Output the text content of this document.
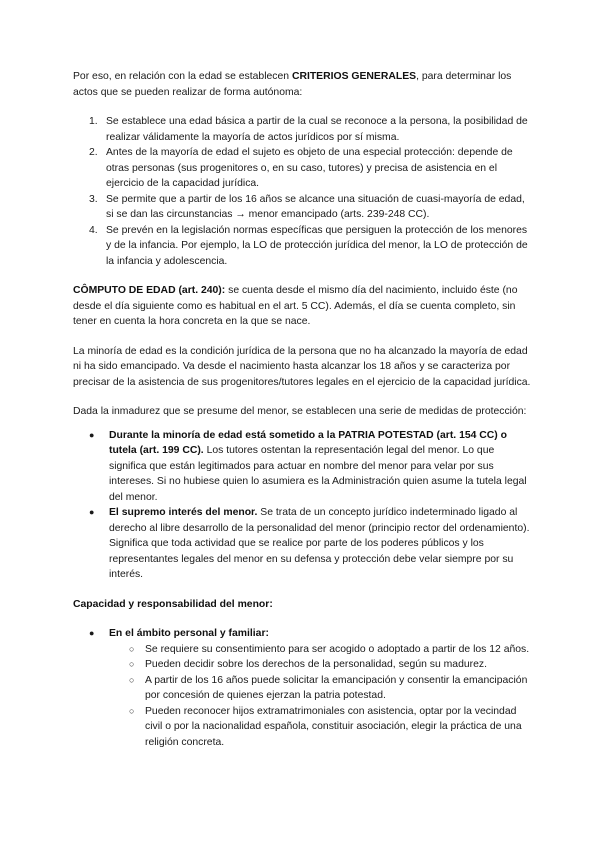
Por eso, en relación con la edad se establecen CRITERIOS GENERALES, para determinar los actos que se pueden realizar de forma autónoma:

1. Se establece una edad básica a partir de la cual se reconoce a la persona, la posibilidad de realizar válidamente la mayoría de actos jurídicos por sí misma.
2. Antes de la mayoría de edad el sujeto es objeto de una especial protección: depende de otras personas (sus progenitores o, en su caso, tutores) y precisa de asistencia en el ejercicio de la capacidad jurídica.
3. Se permite que a partir de los 16 años se alcance una situación de cuasi-mayoría de edad, si se dan las circunstancias → menor emancipado (arts. 239-248 CC).
4. Se prevén en la legislación normas específicas que persiguen la protección de los menores y de la infancia. Por ejemplo, la LO de protección jurídica del menor, la LO de protección de la infancia y adolescencia.

CÔMPUTO DE EDAD (art. 240): se cuenta desde el mismo día del nacimiento, incluido éste (no desde el día siguiente como es habitual en el art. 5 CC). Además, el día se cuenta completo, sin tener en cuenta la hora concreta en la que se nace.

La minoría de edad es la condición jurídica de la persona que no ha alcanzado la mayoría de edad ni ha sido emancipado. Va desde el nacimiento hasta alcanzar los 18 años y se caracteriza por precisar de la asistencia de sus progenitores/tutores legales en el ejercicio de la capacidad jurídica.

Dada la inmadurez que se presume del menor, se establecen una serie de medidas de protección:

● Durante la minoría de edad está sometido a la PATRIA POTESTAD (art. 154 CC) o tutela (art. 199 CC). Los tutores ostentan la representación legal del menor. Lo que significa que están legitimados para actuar en nombre del menor para velar por sus intereses. Si no hubiese quien lo asumiera es la Administración quien asume la tutela legal del menor.
● El supremo interés del menor. Se trata de un concepto jurídico indeterminado ligado al derecho al libre desarrollo de la personalidad del menor (principio rector del ordenamiento). Significa que toda actividad que se realice por parte de los poderes públicos y los representantes legales del menor en su defensa y protección debe velar siempre por su interés.

Capacidad y responsabilidad del menor:

● En el ámbito personal y familiar:
○ Se requiere su consentimiento para ser acogido o adoptado a partir de los 12 años.
○ Pueden decidir sobre los derechos de la personalidad, según su madurez.
○ A partir de los 16 años puede solicitar la emancipación y consentir la emancipación por concesión de quienes ejerzan la patria potestad.
○ Pueden reconocer hijos extramatrimoniales con asistencia, optar por la vecindad civil o por la nacionalidad española, constituir asociación, elegir la práctica de una religión concreta.
